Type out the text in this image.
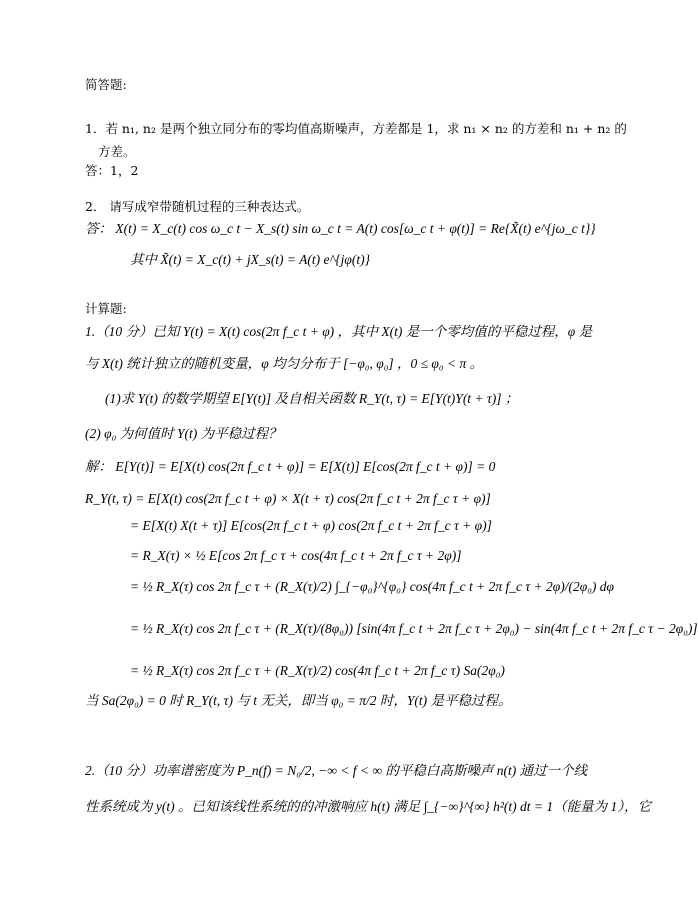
简答题:
1．若 n₁, n₂ 是两个独立同分布的零均值高斯噪声，方差都是 1，求 n₁ × n₂ 的方差和 n₁ + n₂ 的
方差。
答：1，2
2． 请写成窄带随机过程的三种表达式。
答： X(t) = X_c(t) cos ω_c t − X_s(t) sin ω_c t = A(t) cos[ω_c t + φ(t)] = Re{X̃(t) e^{jω_c t}}
其中 X̃(t) = X_c(t) + jX_s(t) = A(t) e^{jφ(t)}
计算题:
1.（10 分）已知 Y(t) = X(t) cos(2π f_c t + φ) ，其中 X(t) 是一个零均值的平稳过程，φ 是
与 X(t) 统计独立的随机变量，φ 均匀分布于 [−φ₀, φ₀] ，0 ≤ φ₀ < π 。
(1)求 Y(t) 的数学期望 E[Y(t)] 及自相关函数 R_Y(t, τ) = E[Y(t)Y(t + τ)] ；
(2) φ₀ 为何值时 Y(t) 为平稳过程？
解： E[Y(t)] = E[X(t) cos(2π f_c t + φ)] = E[X(t)] E[cos(2π f_c t + φ)] = 0
R_Y(t, τ) = E[X(t) cos(2π f_c t + φ) × X(t + τ) cos(2π f_c t + 2π f_c τ + φ)]
= E[X(t) X(t + τ)] E[cos(2π f_c t + φ) cos(2π f_c t + 2π f_c τ + φ)]
= R_X(τ) × ½ E[cos 2π f_c τ + cos(4π f_c t + 2π f_c τ + 2φ)]
= ½ R_X(τ) cos 2π f_c τ + (R_X(τ)/2) ∫_{−φ₀}^{φ₀} cos(4π f_c t + 2π f_c τ + 2φ)/(2φ₀) dφ
= ½ R_X(τ) cos 2π f_c τ + (R_X(τ)/(8φ₀)) [sin(4π f_c t + 2π f_c τ + 2φ₀) − sin(4π f_c t + 2π f_c τ − 2φ₀)]
= ½ R_X(τ) cos 2π f_c τ + (R_X(τ)/2) cos(4π f_c t + 2π f_c τ) Sa(2φ₀)
当 Sa(2φ₀) = 0 时 R_Y(t, τ) 与 t 无关，即当 φ₀ = π/2 时，Y(t) 是平稳过程。
2.（10 分）功率谱密度为 P_n(f) = N₀/2, −∞ < f < ∞ 的平稳白高斯噪声 n(t) 通过一个线
性系统成为 y(t) 。已知该线性系统的的冲激响应 h(t) 满足 ∫_{−∞}^{∞} h²(t) dt = 1（能量为 1），它
